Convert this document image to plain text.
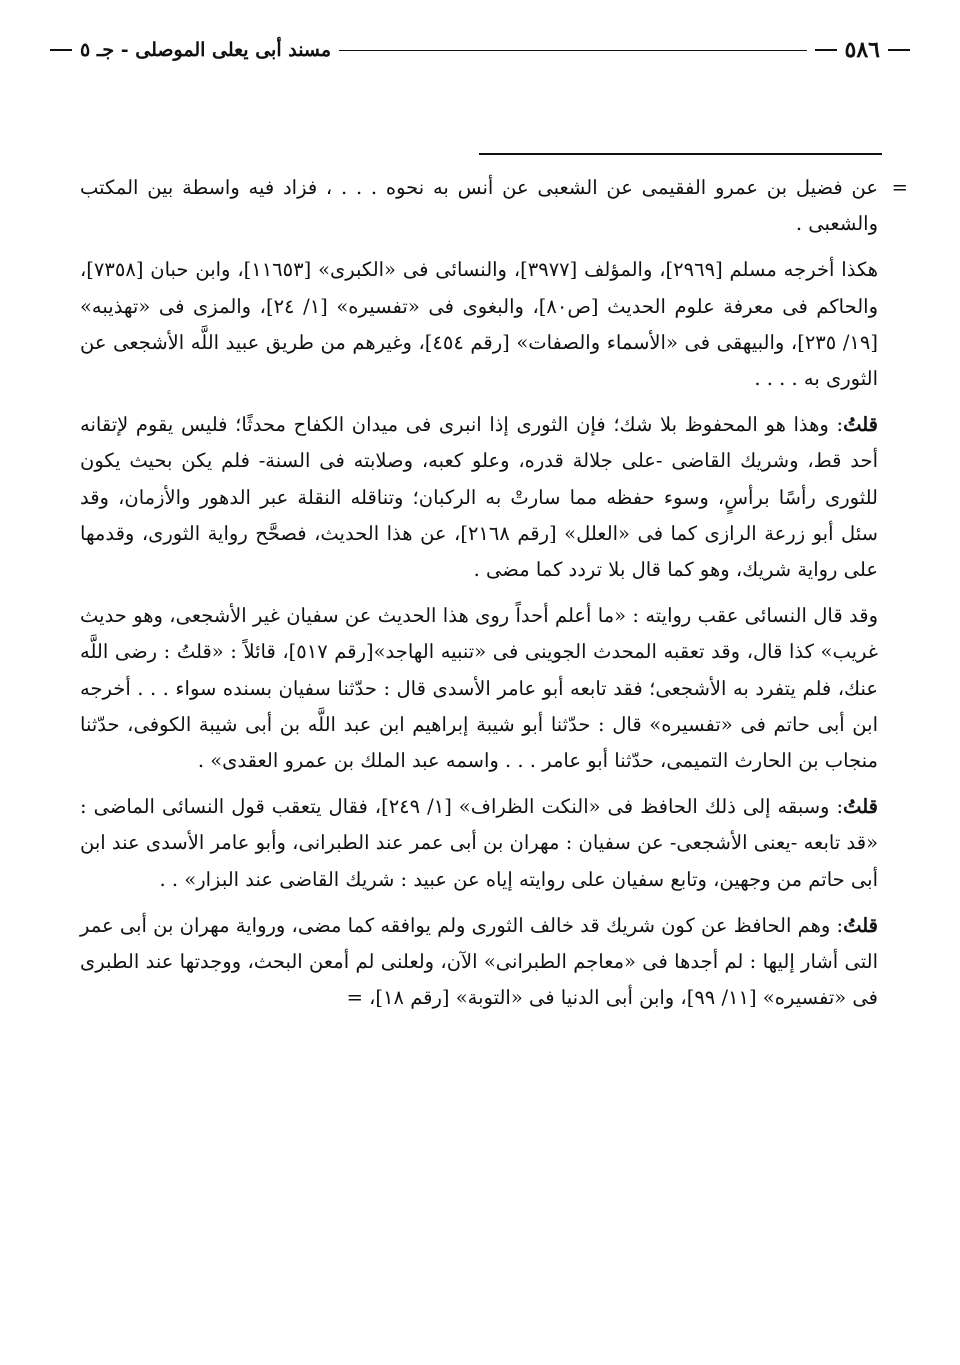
٥٨٦
مسند أبى يعلى الموصلى - جـ ٥

=
عن فضيل بن عمرو الفقيمى عن الشعبى عن أنس به نحوه . . . ، فزاد فيه واسطة بين المكتب والشعبى .

هكذا أخرجه مسلم [٢٩٦٩]، والمؤلف [٣٩٧٧]، والنسائى فى «الكبرى» [١١٦٥٣]، وابن حبان [٧٣٥٨]، والحاكم فى معرفة علوم الحديث [ص٨٠]، والبغوى فى «تفسيره» [١/ ٢٤]، والمزى فى «تهذيبه» [١٩/ ٢٣٥]، والبيهقى فى «الأسماء والصفات» [رقم ٤٥٤]، وغيرهم من طريق عبيد اللَّه الأشجعى عن الثورى به . . . .

قلتُ: وهذا هو المحفوظ بلا شك؛ فإن الثورى إذا انبرى فى ميدان الكفاح محدثًا؛ فليس يقوم لإتقانه أحد قط، وشريك القاضى -على جلالة قدره، وعلو كعبه، وصلابته فى السنة- فلم يكن بحيث يكون للثورى رأسًا برأسٍ، وسوء حفظه مما سارتْ به الركبان؛ وتناقله النقلة عبر الدهور والأزمان، وقد سئل أبو زرعة الرازى كما فى «العلل» [رقم ٢١٦٨]، عن هذا الحديث، فصحَّح رواية الثورى، وقدمها على رواية شريك، وهو كما قال بلا تردد كما مضى .

وقد قال النسائى عقب روايته : «ما أعلم أحداً روى هذا الحديث عن سفيان غير الأشجعى، وهو حديث غريب» كذا قال، وقد تعقبه المحدث الجوينى فى «تنبيه الهاجد»[رقم ٥١٧]، قائلاً : «قلتُ : رضى اللَّه عنك، فلم يتفرد به الأشجعى؛ فقد تابعه أبو عامر الأسدى قال : حدّثنا سفيان بسنده سواء . . . أخرجه ابن أبى حاتم فى «تفسيره» قال : حدّثنا أبو شيبة إبراهيم ابن عبد اللَّه بن أبى شيبة الكوفى، حدّثنا منجاب بن الحارث التميمى، حدّثنا أبو عامر . . . واسمه عبد الملك بن عمرو العقدى» .

قلتُ: وسبقه إلى ذلك الحافظ فى «النكت الظراف» [١/ ٢٤٩]، فقال يتعقب قول النسائى الماضى : «قد تابعه -يعنى الأشجعى- عن سفيان : مهران بن أبى عمر عند الطبرانى، وأبو عامر الأسدى عند ابن أبى حاتم من وجهين، وتابع سفيان على روايته إياه عن عبيد : شريك القاضى عند البزار» . .

قلتُ: وهم الحافظ عن كون شريك قد خالف الثورى ولم يوافقه كما مضى، ورواية مهران بن أبى عمر التى أشار إليها : لم أجدها فى «معاجم الطبرانى» الآن، ولعلنى لم أمعن البحث، ووجدتها عند الطبرى فى «تفسيره» [١١/ ٩٩]، وابن أبى الدنيا فى «التوبة» [رقم ١٨]، =
